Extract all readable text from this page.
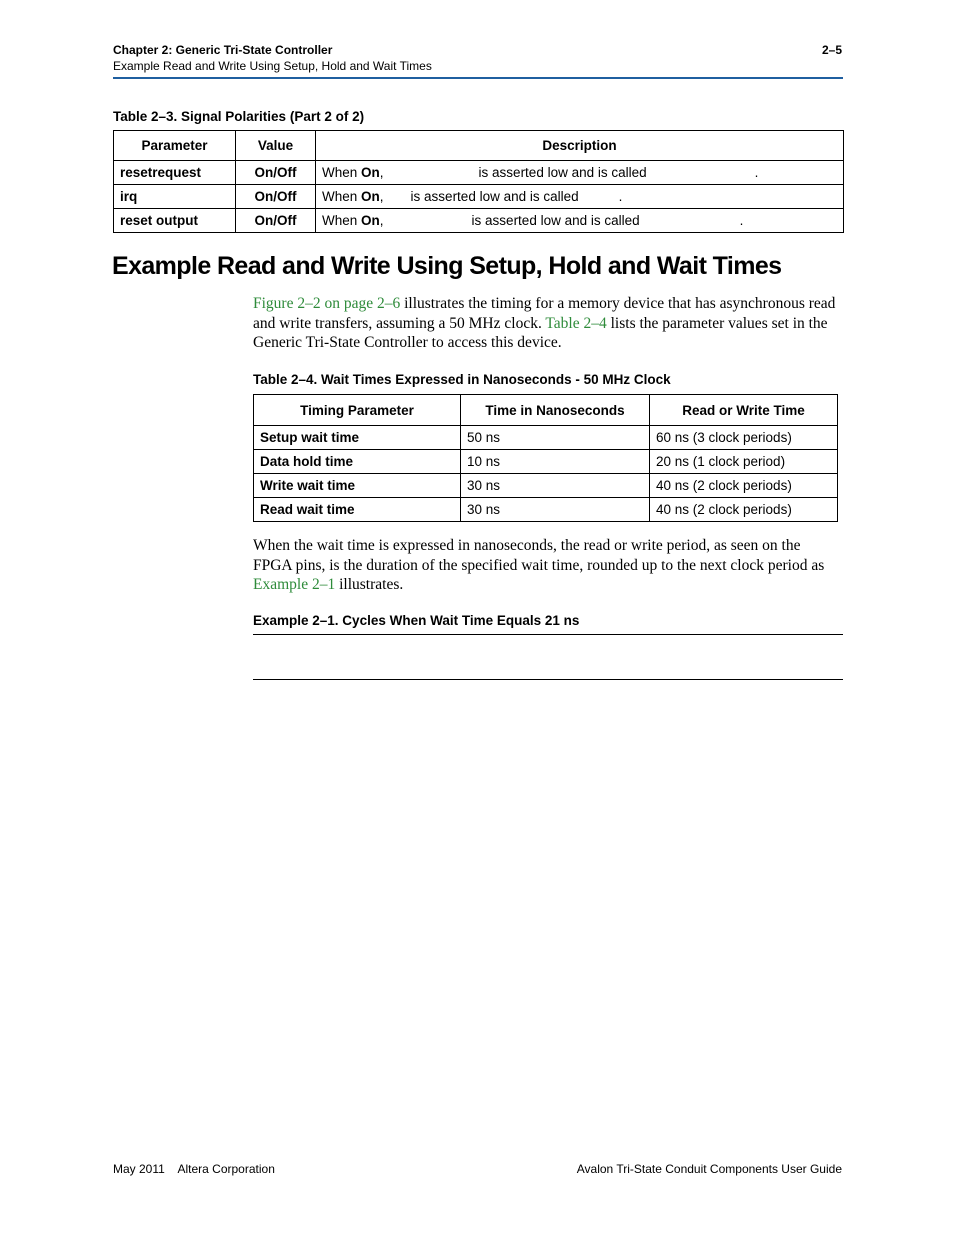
Chapter 2: Generic Tri-State Controller
Example Read and Write Using Setup, Hold and Wait Times
2–5
Table 2–3. Signal Polarities (Part 2 of 2)
Parameter	Value	Description
resetrequest	On/Off	When On, is asserted low and is called .
irq	On/Off	When On, is asserted low and is called .
reset output	On/Off	When On, is asserted low and is called .
Example Read and Write Using Setup, Hold and Wait Times
Figure 2–2 on page 2–6 illustrates the timing for a memory device that has asynchronous read and write transfers, assuming a 50 MHz clock. Table 2–4 lists the parameter values set in the Generic Tri-State Controller to access this device.
Table 2–4. Wait Times Expressed in Nanoseconds - 50 MHz Clock
Timing Parameter	Time in Nanoseconds	Read or Write Time
Setup wait time	50 ns	60 ns (3 clock periods)
Data hold time	10 ns	20 ns (1 clock period)
Write wait time	30 ns	40 ns (2 clock periods)
Read wait time	30 ns	40 ns (2 clock periods)
When the wait time is expressed in nanoseconds, the read or write period, as seen on the FPGA pins, is the duration of the specified wait time, rounded up to the next clock period as Example 2–1 illustrates.
Example 2–1. Cycles When Wait Time Equals 21 ns
May 2011    Altera Corporation	Avalon Tri-State Conduit Components User Guide
